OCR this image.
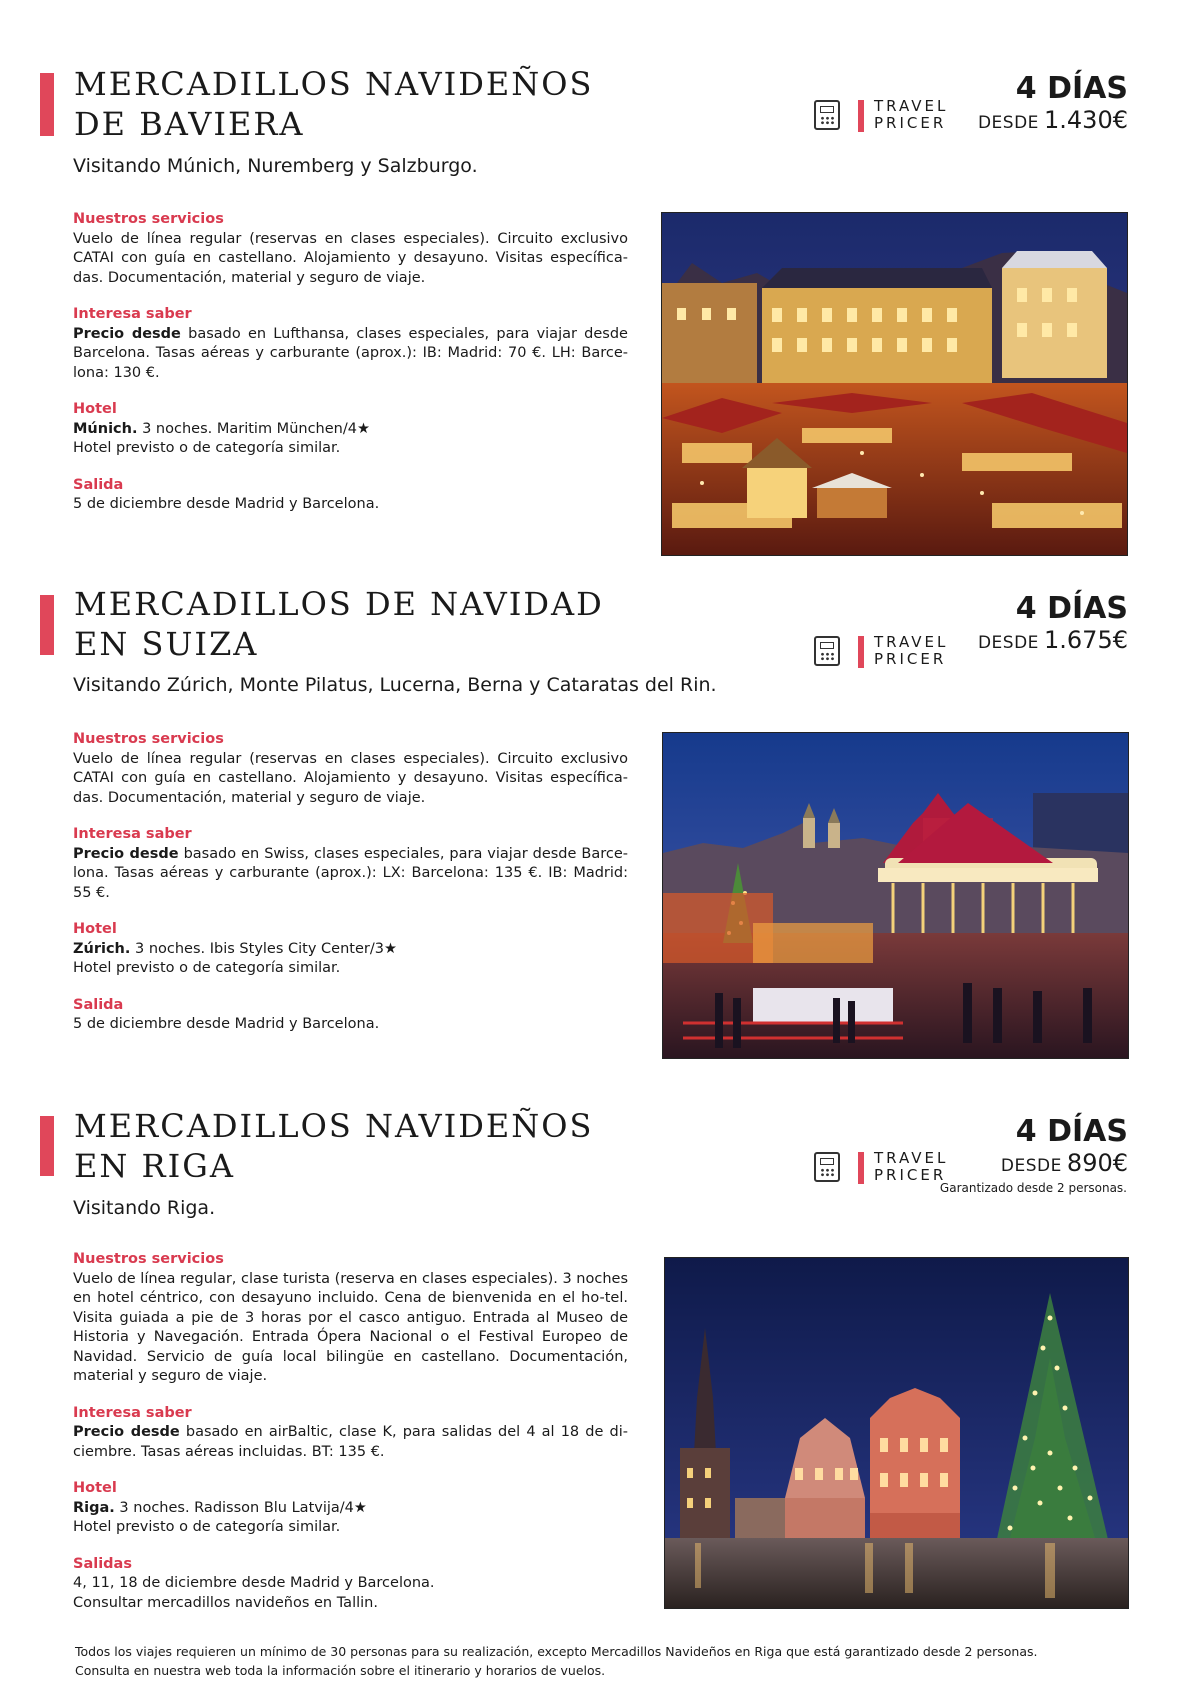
MERCADILLOS NAVIDEÑOS
DE BAVIERA
Visitando Múnich, Nuremberg y Salzburgo.
TRAVEL
PRICER
4 DÍAS
DESDE 1.430€
Nuestros servicios

Vuelo de línea regular (reservas en clases especiales). Circuito exclusivo CATAI con guía en castellano. Alojamiento y desayuno. Visitas específica-das. Documentación, material y seguro de viaje.

Interesa saber

Precio desde basado en Lufthansa, clases especiales, para viajar desde Barcelona. Tasas aéreas y carburante (aprox.): IB: Madrid: 70 €. LH: Barce-lona: 130 €.

Hotel

Múnich. 3 noches. Maritim München/4★

Hotel previsto o de categoría similar.

Salida

5 de diciembre desde Madrid y Barcelona.

MERCADILLOS DE NAVIDAD
EN SUIZA
Visitando Zúrich, Monte Pilatus, Lucerna, Berna y Cataratas del Rin.
TRAVEL
PRICER
4 DÍAS
DESDE 1.675€
Nuestros servicios

Vuelo de línea regular (reservas en clases especiales). Circuito exclusivo CATAI con guía en castellano. Alojamiento y desayuno. Visitas específica-das. Documentación, material y seguro de viaje.

Interesa saber

Precio desde basado en Swiss, clases especiales, para viajar desde Barce-lona. Tasas aéreas y carburante (aprox.): LX: Barcelona: 135 €. IB: Madrid: 55 €.

Hotel

Zúrich. 3 noches. Ibis Styles City Center/3★

Hotel previsto o de categoría similar.

Salida

5 de diciembre desde Madrid y Barcelona.

MERCADILLOS NAVIDEÑOS
EN RIGA
Visitando Riga.
TRAVEL
PRICER
4 DÍAS
DESDE 890€
Garantizado desde 2 personas.
Nuestros servicios

Vuelo de línea regular, clase turista (reserva en clases especiales). 3 noches en hotel céntrico, con desayuno incluido. Cena de bienvenida en el ho-tel. Visita guiada a pie de 3 horas por el casco antiguo. Entrada al Museo de Historia y Navegación. Entrada Ópera Nacional o el Festival Europeo de Navidad. Servicio de guía local bilingüe en castellano. Documentación, material y seguro de viaje.

Interesa saber

Precio desde basado en airBaltic, clase K, para salidas del 4 al 18 de di-ciembre. Tasas aéreas incluidas. BT: 135 €.

Hotel

Riga. 3 noches. Radisson Blu Latvija/4★

Hotel previsto o de categoría similar.

Salidas

4, 11, 18 de diciembre desde Madrid y Barcelona.

Consultar mercadillos navideños en Tallin.

Todos los viajes requieren un mínimo de 30 personas para su realización, excepto Mercadillos Navideños en Riga que está garantizado desde 2 personas.

Consulta en nuestra web toda la información sobre el itinerario y horarios de vuelos.
